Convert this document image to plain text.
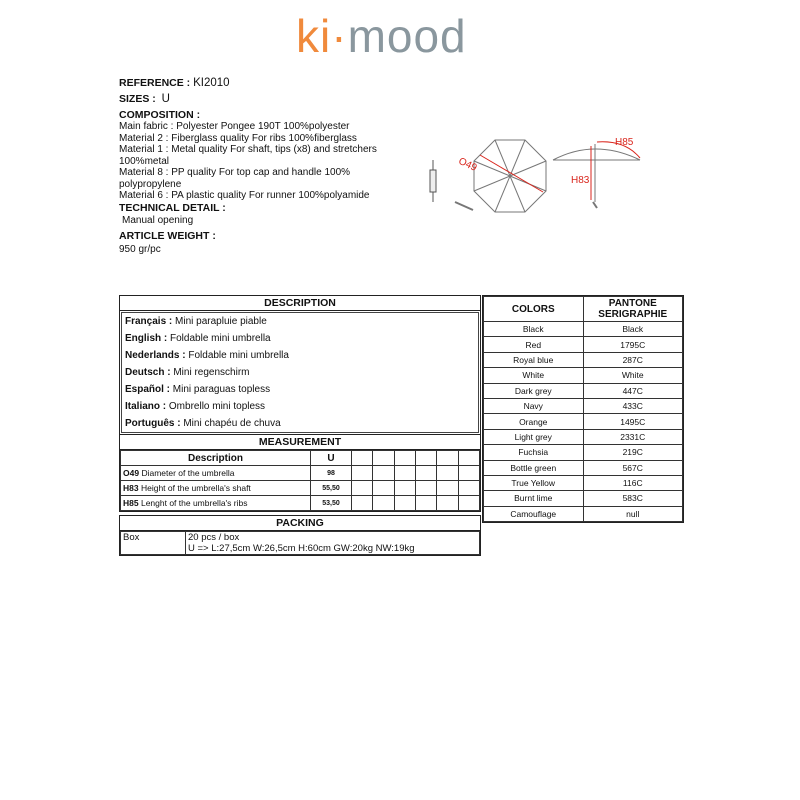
ki·mood
REFERENCE : KI2010
SIZES : U
COMPOSITION :
Main fabric : Polyester Pongee 190T 100%polyester
Material 2 : Fiberglass quality For ribs 100%fiberglass
Material 1 : Metal quality For shaft, tips (x8) and stretchers 100%metal
Material 8 : PP quality For top cap and handle 100% polypropylene
Material 6 : PA plastic quality For runner 100%polyamide
TECHNICAL DETAIL :
Manual opening
ARTICLE WEIGHT :
950 gr/pc
O49
H85
H83
DESCRIPTION
Français : Mini parapluie piable
English : Foldable mini umbrella
Nederlands : Foldable mini umbrella
Deutsch : Mini regenschirm
Español : Mini paraguas topless
Italiano : Ombrello mini topless
Português : Mini chapéu de chuva
MEASUREMENT
Description	U						
O49 Diameter of the umbrella	98						
H83 Height of the umbrella's shaft	55,50						
H85 Lenght of the umbrella's ribs	53,50						
PACKING
Box	20 pcs / box
U => L:27,5cm W:26,5cm H:60cm GW:20kg NW:19kg
COLORS	PANTONE
SERIGRAPHIE

Black	Black
Red	1795C
Royal blue	287C
White	White
Dark grey	447C
Navy	433C
Orange	1495C
Light grey	2331C
Fuchsia	219C
Bottle green	567C
True Yellow	116C
Burnt lime	583C
Camouflage	null
